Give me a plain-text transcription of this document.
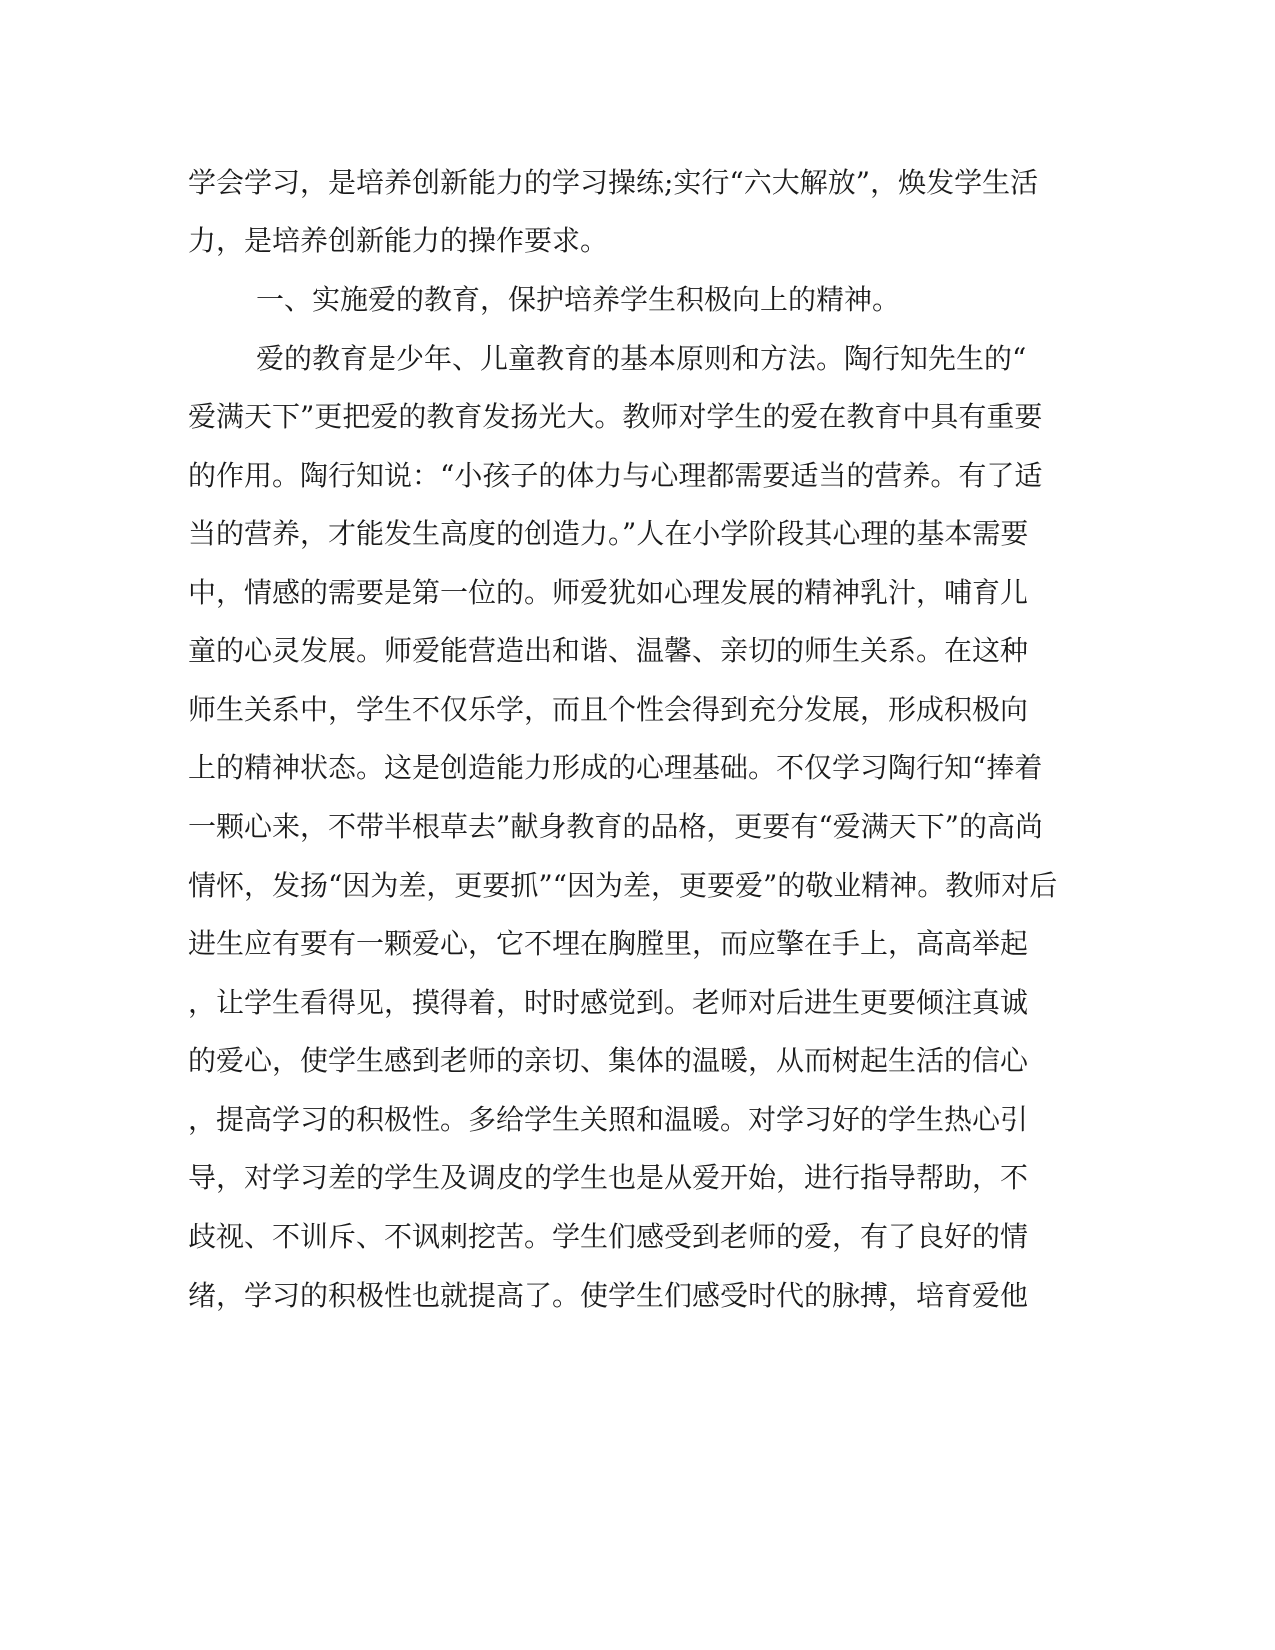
学会学习，是培养创新能力的学习操练;实行“六大解放”，焕发学生活
力，是培养创新能力的操作要求。
一、实施爱的教育，保护培养学生积极向上的精神。
爱的教育是少年、儿童教育的基本原则和方法。陶行知先生的“
爱满天下”更把爱的教育发扬光大。教师对学生的爱在教育中具有重要
的作用。陶行知说：“小孩子的体力与心理都需要适当的营养。有了适
当的营养，才能发生高度的创造力。”人在小学阶段其心理的基本需要
中，情感的需要是第一位的。师爱犹如心理发展的精神乳汁，哺育儿
童的心灵发展。师爱能营造出和谐、温馨、亲切的师生关系。在这种
师生关系中，学生不仅乐学，而且个性会得到充分发展，形成积极向
上的精神状态。这是创造能力形成的心理基础。不仅学习陶行知“捧着
一颗心来，不带半根草去”献身教育的品格，更要有“爱满天下”的高尚
情怀，发扬“因为差，更要抓”“因为差，更要爱”的敬业精神。教师对后
进生应有要有一颗爱心，它不埋在胸膛里，而应擎在手上，高高举起
，让学生看得见，摸得着，时时感觉到。老师对后进生更要倾注真诚
的爱心，使学生感到老师的亲切、集体的温暖，从而树起生活的信心
，提高学习的积极性。多给学生关照和温暖。对学习好的学生热心引
导，对学习差的学生及调皮的学生也是从爱开始，进行指导帮助，不
歧视、不训斥、不讽刺挖苦。学生们感受到老师的爱，有了良好的情
绪，学习的积极性也就提高了。使学生们感受时代的脉搏，培育爱他
